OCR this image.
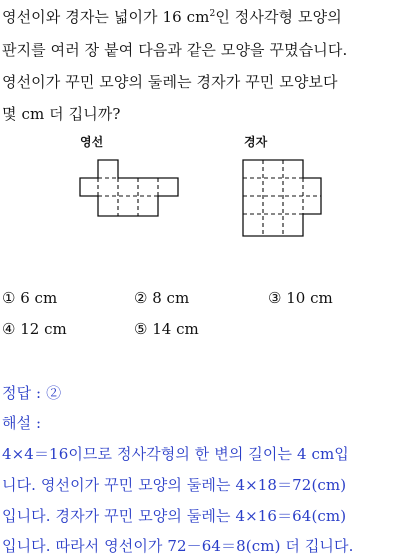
영선이와 경자는 넓이가 16 $cm^2$인 정사각형 모양의
판지를 여러 장 붙여 다음과 같은 모양을 꾸몄습니다.
영선이가 꾸민 모양의 둘레는 경자가 꾸민 모양보다
몇 cm 더 깁니까?
영선	경자
① 6 cm	② 8 cm	③ 10 cm
④ 12 cm	⑤ 14 cm
정답 : ②
해설 :
4×4＝16이므로 정사각형의 한 변의 길이는 4 cm입
니다. 영선이가 꾸민 모양의 둘레는 4×18＝72(cm)
입니다. 경자가 꾸민 모양의 둘레는 4×16＝64(cm)
입니다. 따라서 영선이가 72－64＝8(cm) 더 깁니다.
